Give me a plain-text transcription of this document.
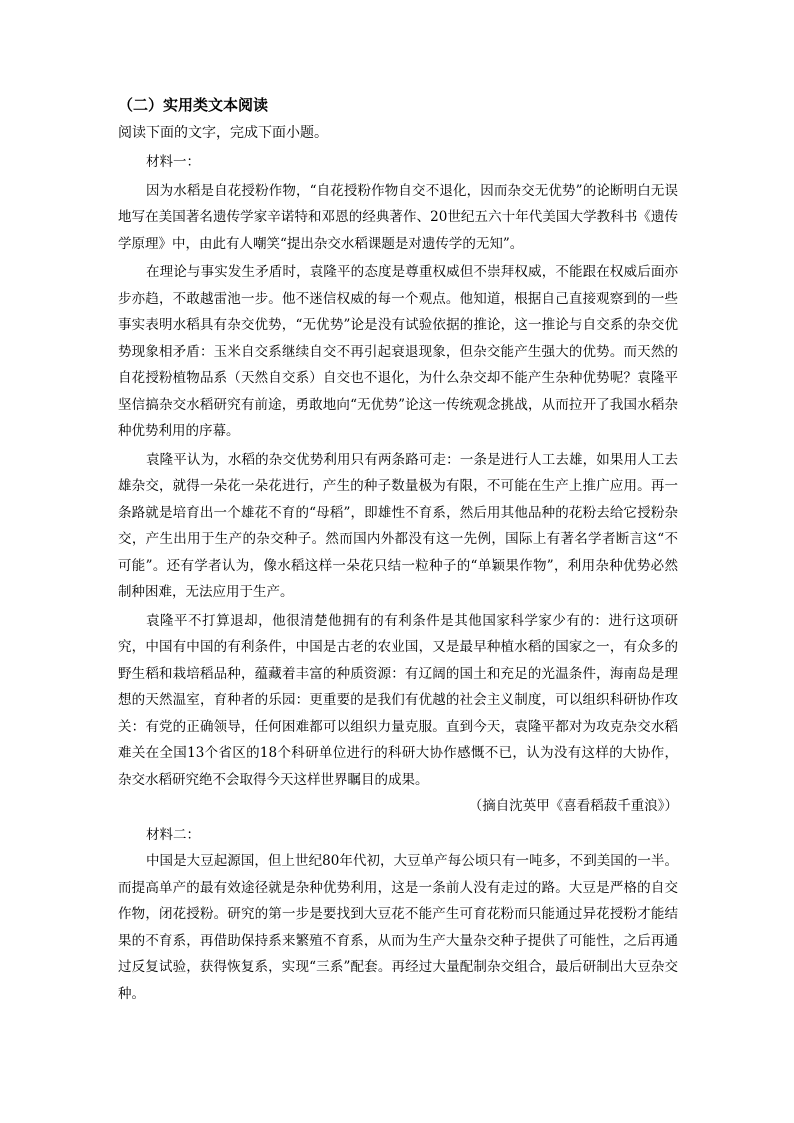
（二）实用类文本阅读
阅读下面的文字，完成下面小题。

材料一：

因为水稻是自花授粉作物，“自花授粉作物自交不退化，因而杂交无优势”的论断明白无误地写在美国著名遗传学家辛诺特和邓恩的经典著作、20世纪五六十年代美国大学教科书《遗传学原理》中，由此有人嘲笑“提出杂交水稻课题是对遗传学的无知”。

在理论与事实发生矛盾时，袁隆平的态度是尊重权威但不崇拜权威，不能跟在权威后面亦步亦趋，不敢越雷池一步。他不迷信权威的每一个观点。他知道，根据自己直接观察到的一些事实表明水稻具有杂交优势，“无优势”论是没有试验依据的推论，这一推论与自交系的杂交优势现象相矛盾：玉米自交系继续自交不再引起衰退现象，但杂交能产生强大的优势。而天然的自花授粉植物品系（天然自交系）自交也不退化，为什么杂交却不能产生杂种优势呢？袁隆平坚信搞杂交水稻研究有前途，勇敢地向“无优势”论这一传统观念挑战，从而拉开了我国水稻杂种优势利用的序幕。

袁隆平认为，水稻的杂交优势利用只有两条路可走：一条是进行人工去雄，如果用人工去雄杂交，就得一朵花一朵花进行，产生的种子数量极为有限，不可能在生产上推广应用。再一条路就是培育出一个雄花不育的“母稻”，即雄性不育系，然后用其他品种的花粉去给它授粉杂交，产生出用于生产的杂交种子。然而国内外都没有这一先例，国际上有著名学者断言这“不可能”。还有学者认为，像水稻这样一朵花只结一粒种子的“单颖果作物”，利用杂种优势必然制种困难，无法应用于生产。

袁隆平不打算退却，他很清楚他拥有的有利条件是其他国家科学家少有的：进行这项研究，中国有中国的有利条件，中国是古老的农业国，又是最早种植水稻的国家之一，有众多的野生稻和栽培稻品种，蕴藏着丰富的种质资源：有辽阔的国土和充足的光温条件，海南岛是理想的天然温室，育种者的乐园：更重要的是我们有优越的社会主义制度，可以组织科研协作攻关：有党的正确领导，任何困难都可以组织力量克服。直到今天，袁隆平都对为攻克杂交水稻难关在全国13个省区的18个科研单位进行的科研大协作感慨不已，认为没有这样的大协作，杂交水稻研究绝不会取得今天这样世界瞩目的成果。

（摘自沈英甲《喜看稻菽千重浪》）

材料二：

中国是大豆起源国，但上世纪80年代初，大豆单产每公顷只有一吨多，不到美国的一半。而提高单产的最有效途径就是杂种优势利用，这是一条前人没有走过的路。大豆是严格的自交作物，闭花授粉。研究的第一步是要找到大豆花不能产生可育花粉而只能通过异花授粉才能结果的不育系，再借助保持系来繁殖不育系，从而为生产大量杂交种子提供了可能性，之后再通过反复试验，获得恢复系，实现“三系”配套。再经过大量配制杂交组合，最后研制出大豆杂交种。
